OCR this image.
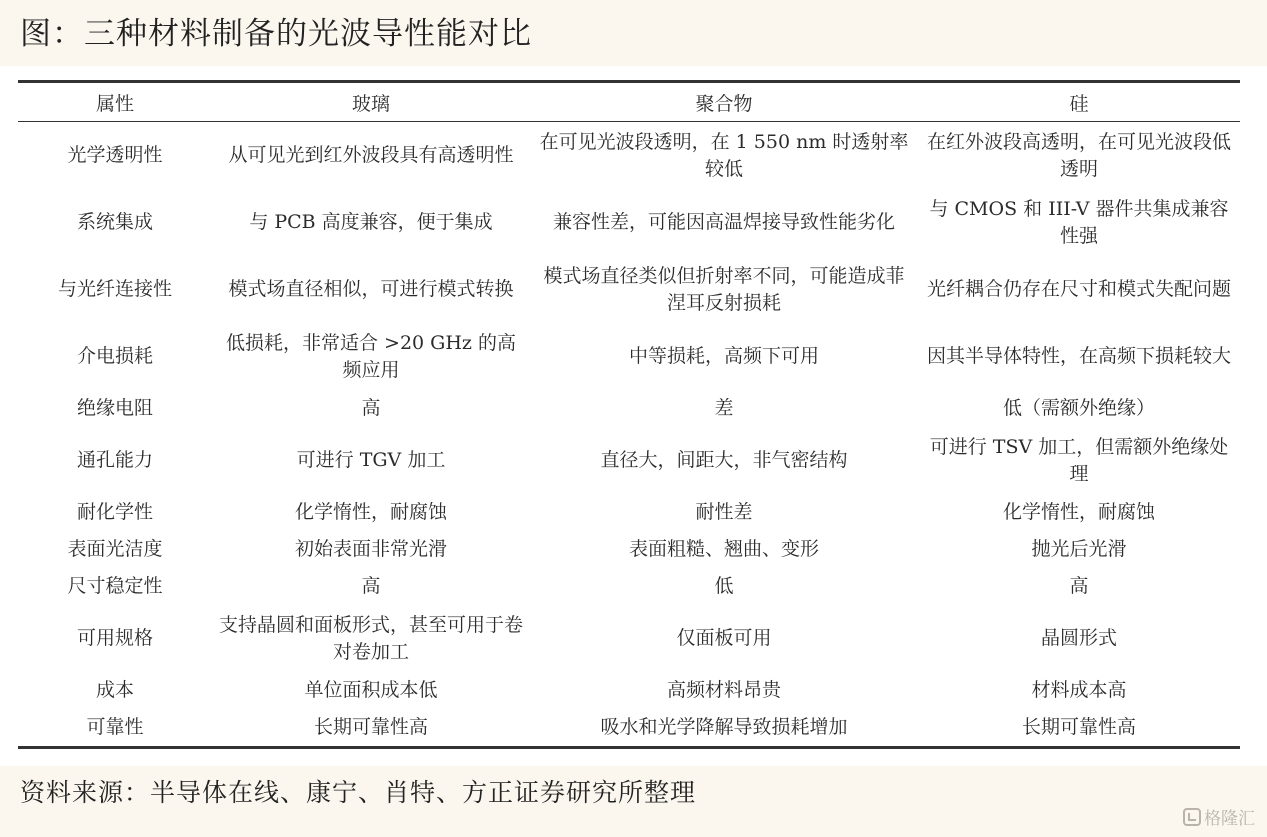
图：三种材料制备的光波导性能对比
属性	玻璃	聚合物	硅
光学透明性	从可见光到红外波段具有高透明性	在可见光波段透明，在 1 550 nm 时透射率较低	在红外波段高透明，在可见光波段低透明
系统集成	与 PCB 高度兼容，便于集成	兼容性差，可能因高温焊接导致性能劣化	与 CMOS 和 III-V 器件共集成兼容性强
与光纤连接性	模式场直径相似，可进行模式转换	模式场直径类似但折射率不同，可能造成菲涅耳反射损耗	光纤耦合仍存在尺寸和模式失配问题
介电损耗	低损耗，非常适合 >20 GHz 的高频应用	中等损耗，高频下可用	因其半导体特性，在高频下损耗较大
绝缘电阻	高	差	低（需额外绝缘）
通孔能力	可进行 TGV 加工	直径大，间距大，非气密结构	可进行 TSV 加工，但需额外绝缘处理
耐化学性	化学惰性，耐腐蚀	耐性差	化学惰性，耐腐蚀
表面光洁度	初始表面非常光滑	表面粗糙、翘曲、变形	抛光后光滑
尺寸稳定性	高	低	高
可用规格	支持晶圆和面板形式，甚至可用于卷对卷加工	仅面板可用	晶圆形式
成本	单位面积成本低	高频材料昂贵	材料成本高
可靠性	长期可靠性高	吸水和光学降解导致损耗增加	长期可靠性高
资料来源：半导体在线、康宁、肖特、方正证券研究所整理
格隆汇
